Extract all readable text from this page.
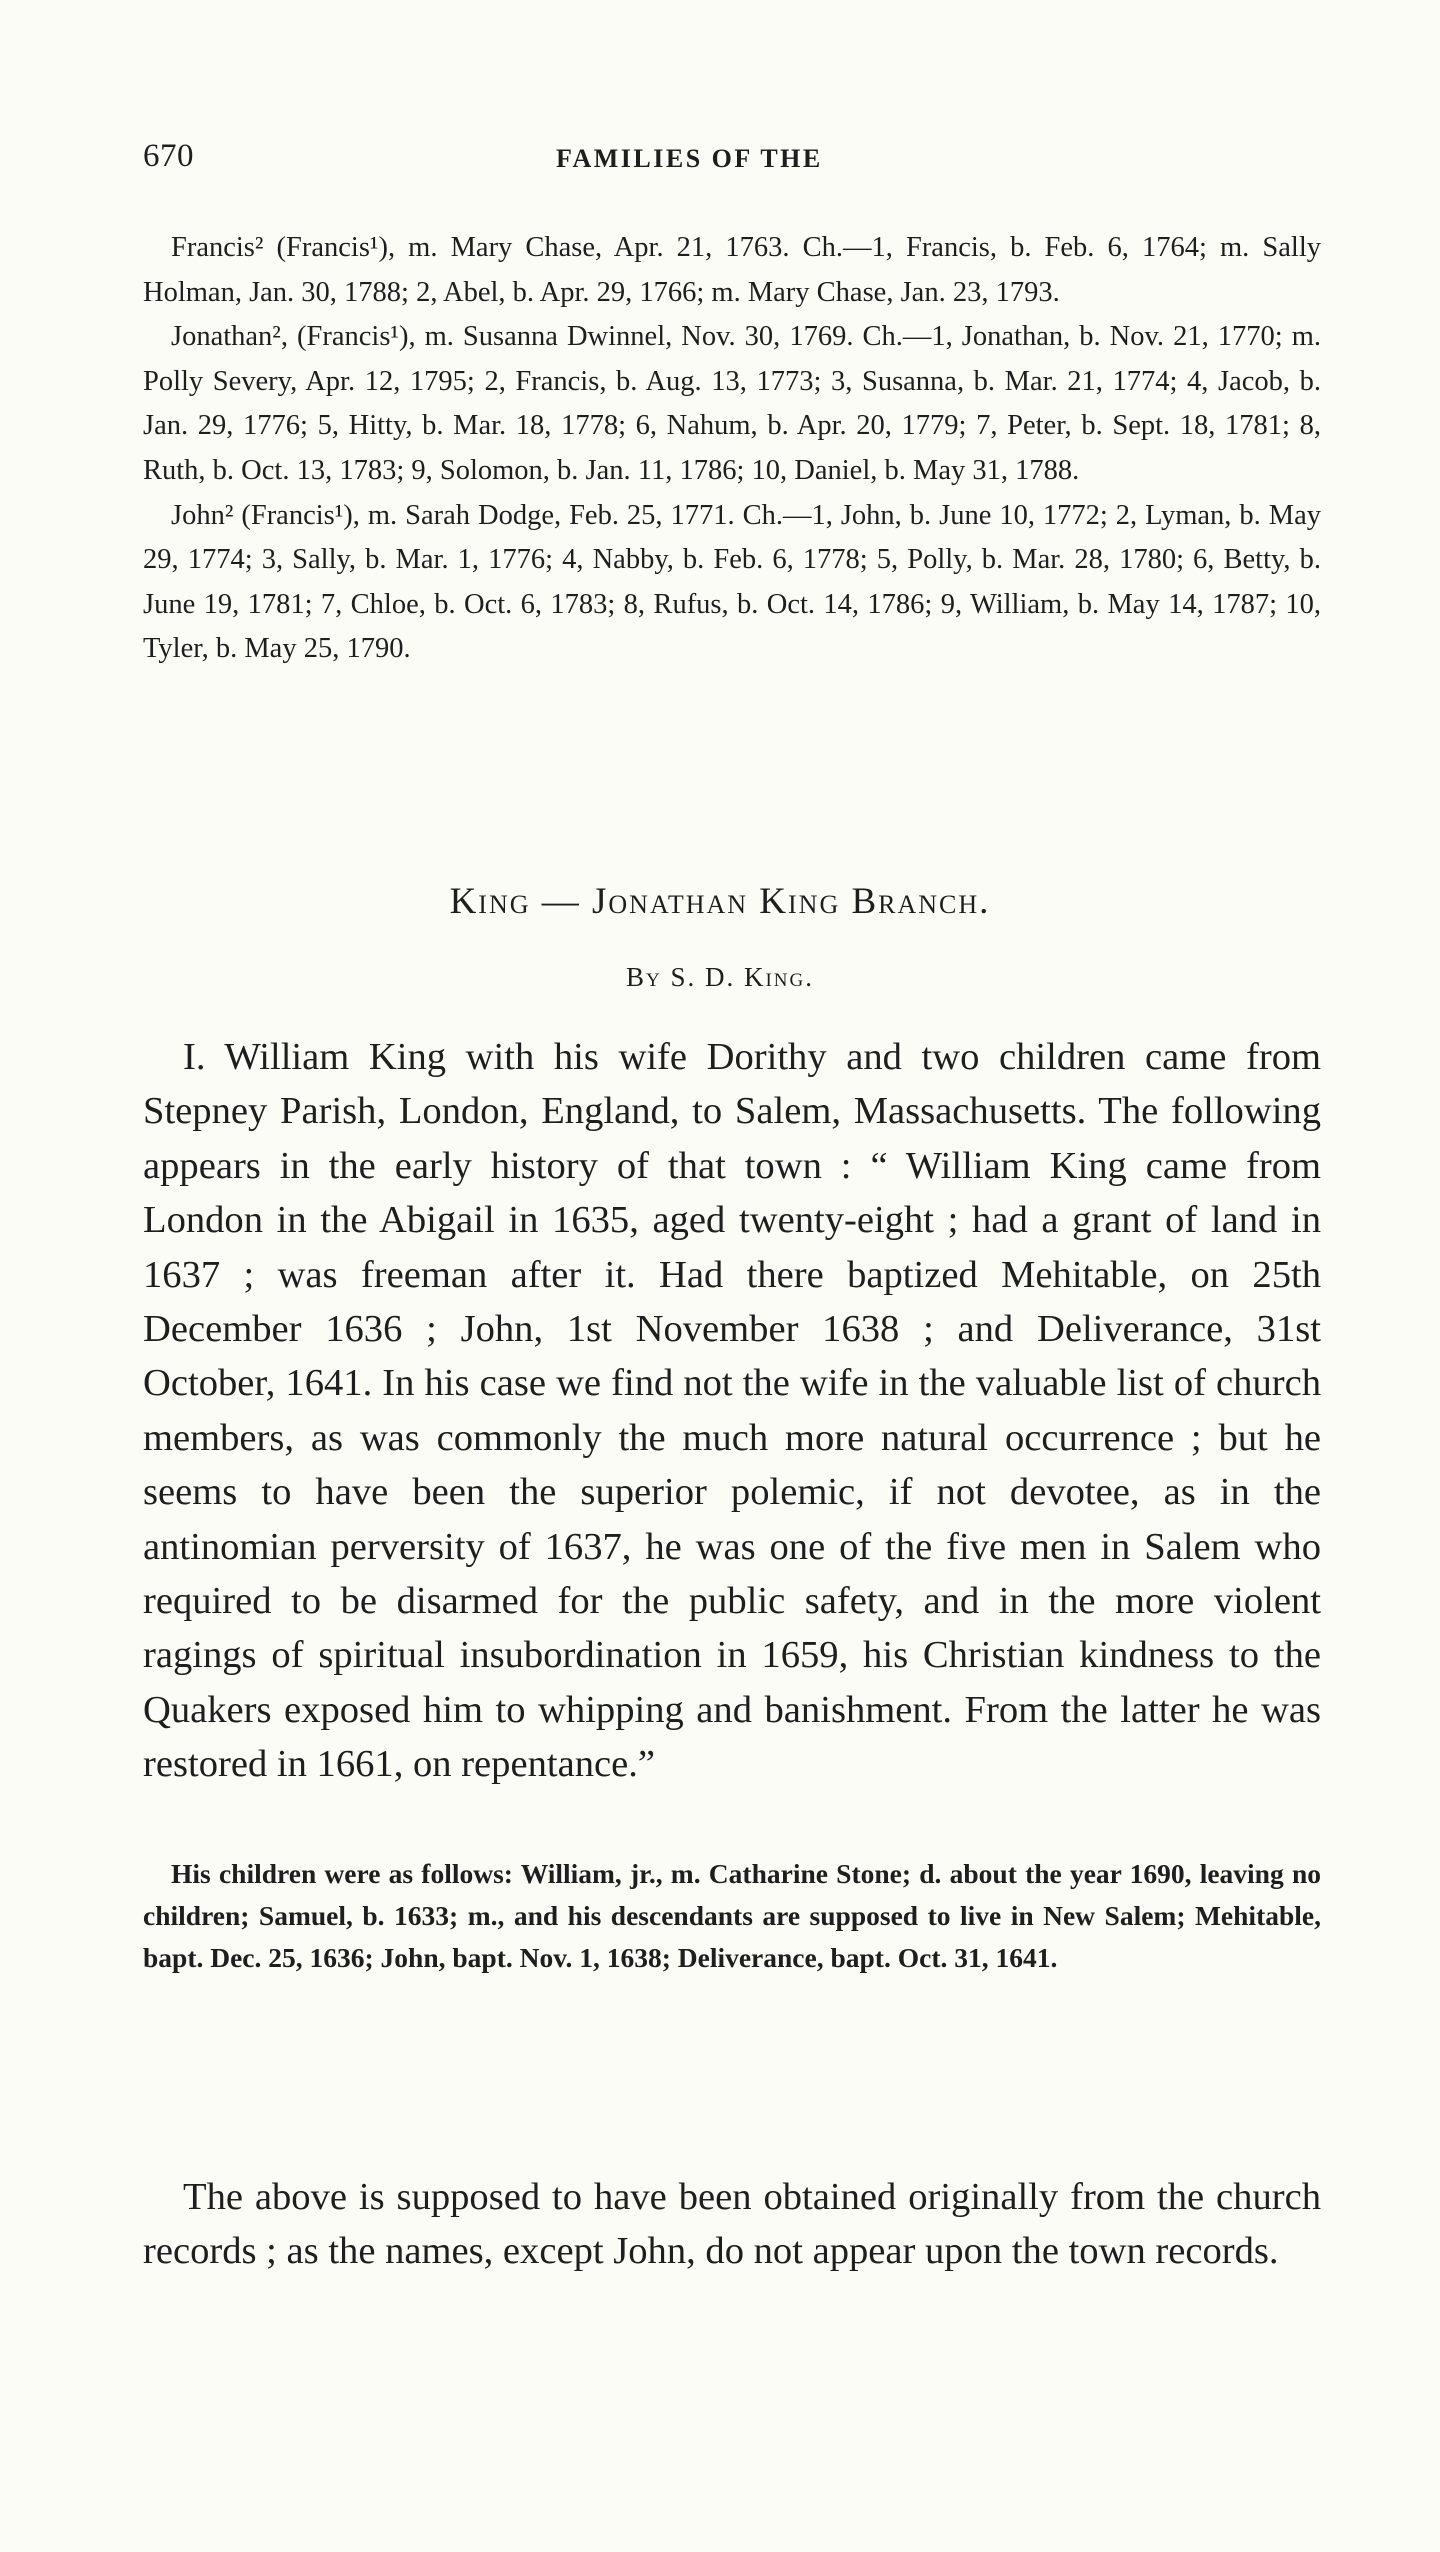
670	FAMILIES OF THE

Francis² (Francis¹), m. Mary Chase, Apr. 21, 1763. Ch.—1, Francis, b. Feb. 6, 1764; m. Sally Holman, Jan. 30, 1788; 2, Abel, b. Apr. 29, 1766; m. Mary Chase, Jan. 23, 1793.

Jonathan², (Francis¹), m. Susanna Dwinnel, Nov. 30, 1769. Ch.—1, Jonathan, b. Nov. 21, 1770; m. Polly Severy, Apr. 12, 1795; 2, Francis, b. Aug. 13, 1773; 3, Susanna, b. Mar. 21, 1774; 4, Jacob, b. Jan. 29, 1776; 5, Hitty, b. Mar. 18, 1778; 6, Nahum, b. Apr. 20, 1779; 7, Peter, b. Sept. 18, 1781; 8, Ruth, b. Oct. 13, 1783; 9, Solomon, b. Jan. 11, 1786; 10, Daniel, b. May 31, 1788.

John² (Francis¹), m. Sarah Dodge, Feb. 25, 1771. Ch.—1, John, b. June 10, 1772; 2, Lyman, b. May 29, 1774; 3, Sally, b. Mar. 1, 1776; 4, Nabby, b. Feb. 6, 1778; 5, Polly, b. Mar. 28, 1780; 6, Betty, b. June 19, 1781; 7, Chloe, b. Oct. 6, 1783; 8, Rufus, b. Oct. 14, 1786; 9, William, b. May 14, 1787; 10, Tyler, b. May 25, 1790.

King — Jonathan King Branch.
By S. D. King.

I. William King with his wife Dorithy and two children came from Stepney Parish, London, England, to Salem, Massachusetts. The following appears in the early history of that town : “ William King came from London in the Abigail in 1635, aged twenty-eight ; had a grant of land in 1637 ; was freeman after it. Had there baptized Mehitable, on 25th December 1636 ; John, 1st November 1638 ; and Deliverance, 31st October, 1641. In his case we find not the wife in the valuable list of church members, as was commonly the much more natural occurrence ; but he seems to have been the superior polemic, if not devotee, as in the antinomian perversity of 1637, he was one of the five men in Salem who required to be disarmed for the public safety, and in the more violent ragings of spiritual insubordination in 1659, his Christian kindness to the Quakers exposed him to whipping and banishment. From the latter he was restored in 1661, on repentance.”

His children were as follows: William, jr., m. Catharine Stone; d. about the year 1690, leaving no children; Samuel, b. 1633; m., and his descendants are supposed to live in New Salem; Mehitable, bapt. Dec. 25, 1636; John, bapt. Nov. 1, 1638; Deliverance, bapt. Oct. 31, 1641.

The above is supposed to have been obtained originally from the church records ; as the names, except John, do not appear upon the town records.
